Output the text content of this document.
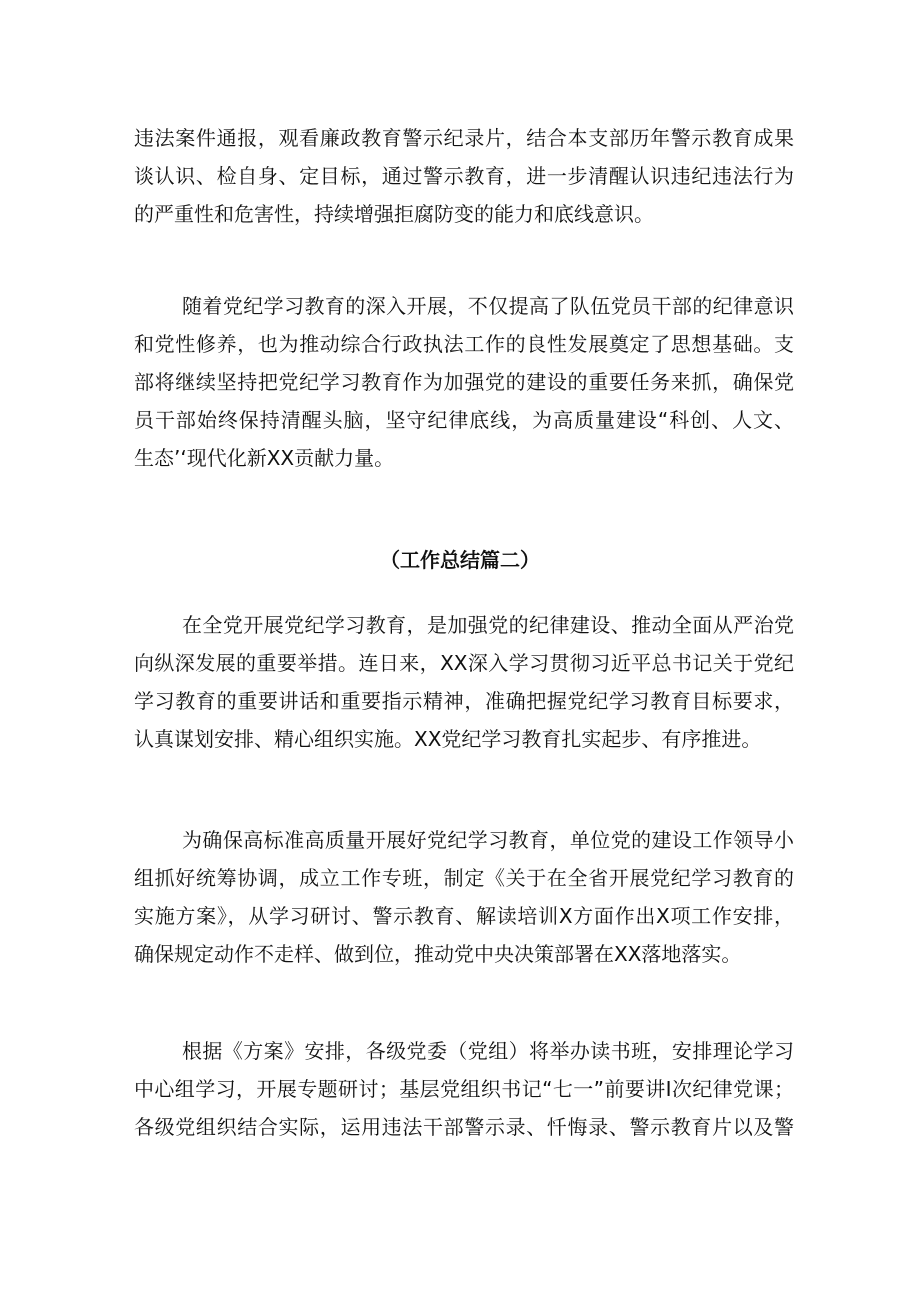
违法案件通报，观看廉政教育警示纪录片，结合本支部历年警示教育成果
谈认识、检自身、定目标，通过警示教育，进一步清醒认识违纪违法行为
的严重性和危害性，持续增强拒腐防变的能力和底线意识。
随着党纪学习教育的深入开展，不仅提高了队伍党员干部的纪律意识
和党性修养，也为推动综合行政执法工作的良性发展奠定了思想基础。支
部将继续坚持把党纪学习教育作为加强党的建设的重要任务来抓，确保党
员干部始终保持清醒头脑，坚守纪律底线，为高质量建设“科创、人文、
生态’‘现代化新XX贡献力量。
（工作总结篇二）
在全党开展党纪学习教育，是加强党的纪律建设、推动全面从严治党
向纵深发展的重要举措。连日来，XX深入学习贯彻习近平总书记关于党纪
学习教育的重要讲话和重要指示精神，准确把握党纪学习教育目标要求，
认真谋划安排、精心组织实施。XX党纪学习教育扎实起步、有序推进。
为确保高标准高质量开展好党纪学习教育，单位党的建设工作领导小
组抓好统筹协调，成立工作专班，制定《关于在全省开展党纪学习教育的
实施方案》，从学习研讨、警示教育、解读培训X方面作出X项工作安排，
确保规定动作不走样、做到位，推动党中央决策部署在XX落地落实。
根据《方案》安排，各级党委（党组）将举办读书班，安排理论学习
中心组学习，开展专题研讨；基层党组织书记“七一”前要讲I次纪律党课；
各级党组织结合实际，运用违法干部警示录、忏悔录、警示教育片以及警
